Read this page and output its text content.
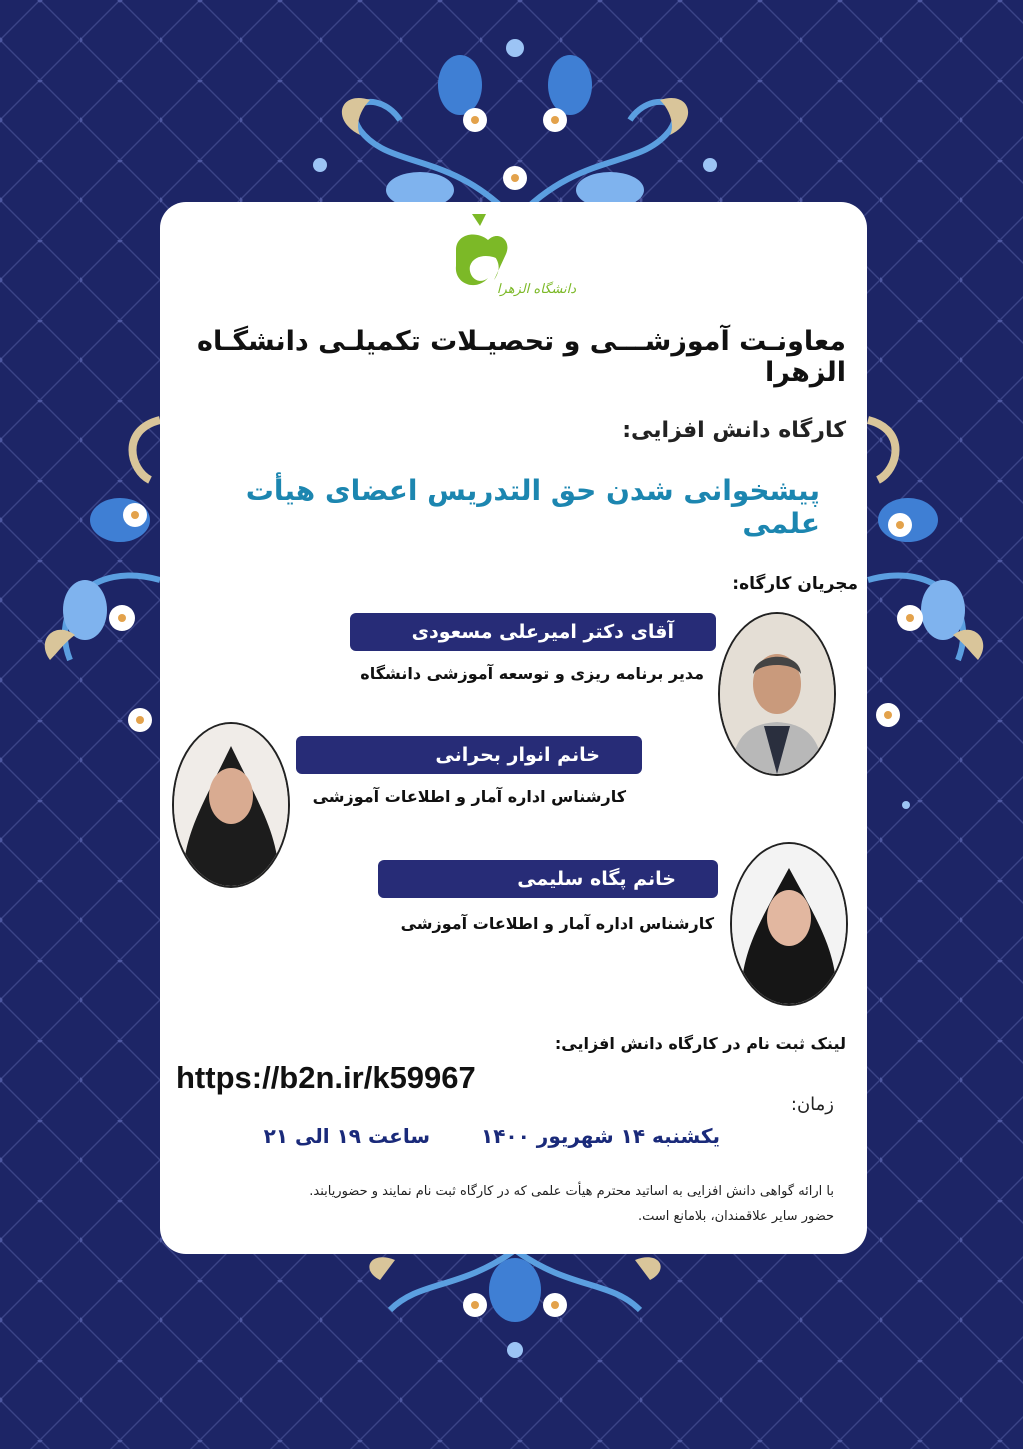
دانشگاه الزهرا
معاونـت آموزشـــی و تحصیـلات تکمیلـی دانشگـاه الزهرا
کارگاه دانش افزایی:
پیشخوانی شدن حق التدریس اعضای هیأت علمی
مجریان کارگاه:
آقای دکتر امیرعلی مسعودی
مدیر برنامه ریزی و توسعه آموزشی دانشگاه
خانم انوار بحرانی
کارشناس اداره آمار و اطلاعات آموزشی
خانم پگاه سلیمی
کارشناس اداره آمار و اطلاعات آموزشی
لینک ثبت نام در کارگاه دانش افزایی:
https://b2n.ir/k59967
زمان:
یکشنبه ۱۴ شهریور ۱۴۰۰
ساعت ۱۹ الی ۲۱
با ارائه گواهی دانش افزایی به اساتید محترم هیأت علمی که در کارگاه ثبت نام نمایند و حضوریابند.
حضور سایر علاقمندان، بلامانع است.
